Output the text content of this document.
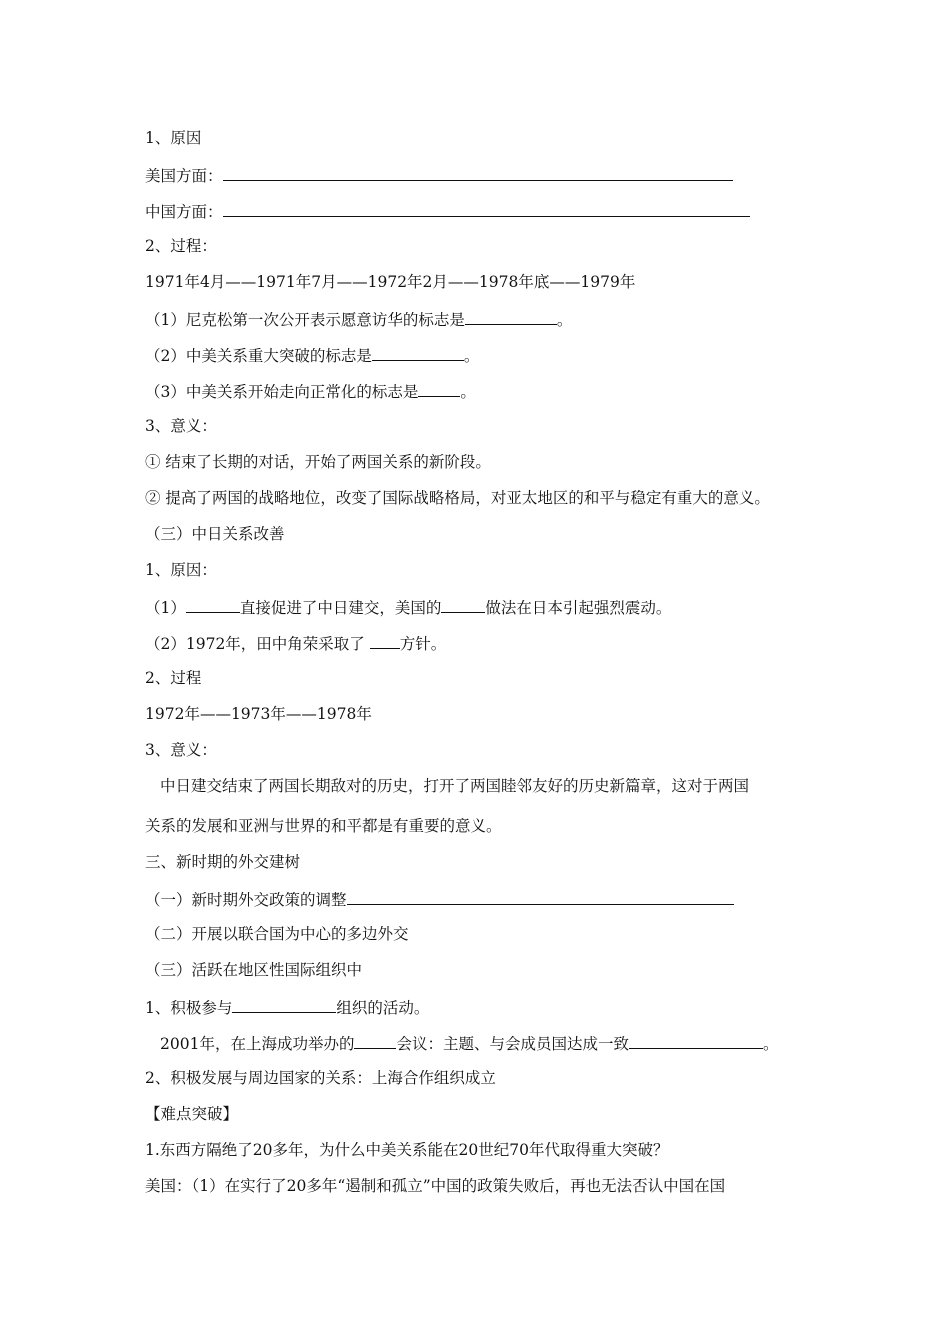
1、原因
美国方面：
中国方面：
2、过程：
1971年4月——1971年7月——1972年2月——1978年底——1979年
（1）尼克松第一次公开表示愿意访华的标志是	。
（2）中美关系重大突破的标志是	。
（3）中美关系开始走向正常化的标志是	。
3、意义：
① 结束了长期的对话，开始了两国关系的新阶段。
② 提高了两国的战略地位，改变了国际战略格局，对亚太地区的和平与稳定有重大的意义。
（三）中日关系改善
1、原因：
（1）	直接促进了中日建交，美国的	做法在日本引起强烈震动。
（2）1972年，田中角荣采取了 方针。
2、过程
1972年——1973年——1978年
3、意义：
中日建交结束了两国长期敌对的历史，打开了两国睦邻友好的历史新篇章，这对于两国
关系的发展和亚洲与世界的和平都是有重要的意义。
三、新时期的外交建树
（一）新时期外交政策的调整
（二）开展以联合国为中心的多边外交
（三）活跃在地区性国际组织中
1、积极参与	组织的活动。
2001年，在上海成功举办的	会议：主题、与会成员国达成一致	。
2、积极发展与周边国家的关系：上海合作组织成立
【难点突破】
1.东西方隔绝了20多年，为什么中美关系能在20世纪70年代取得重大突破？
美国：（1）在实行了20多年“遏制和孤立”中国的政策失败后，再也无法否认中国在国
